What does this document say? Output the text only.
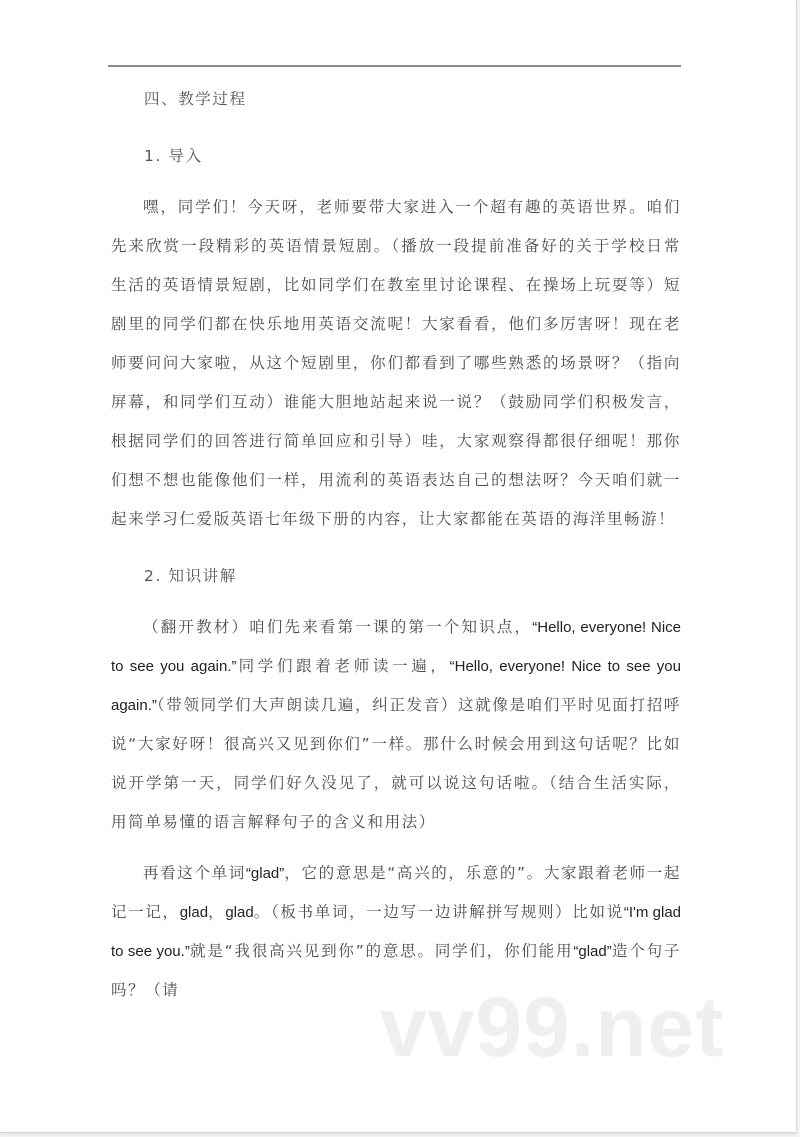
vv99.net
四、教学过程
1. 导入

嘿，同学们！今天呀，老师要带大家进入一个超有趣的英语世界。咱们先来欣赏一段精彩的英语情景短剧。（播放一段提前准备好的关于学校日常生活的英语情景短剧，比如同学们在教室里讨论课程、在操场上玩耍等）短剧里的同学们都在快乐地用英语交流呢！大家看看，他们多厉害呀！现在老师要问问大家啦，从这个短剧里，你们都看到了哪些熟悉的场景呀？（指向屏幕，和同学们互动）谁能大胆地站起来说一说？（鼓励同学们积极发言，根据同学们的回答进行简单回应和引导）哇，大家观察得都很仔细呢！那你们想不想也能像他们一样，用流利的英语表达自己的想法呀？今天咱们就一起来学习仁爱版英语七年级下册的内容，让大家都能在英语的海洋里畅游！

2. 知识讲解

（翻开教材）咱们先来看第一课的第一个知识点，“Hello, everyone! Nice to see you again.”同学们跟着老师读一遍，“Hello, everyone! Nice to see you again.”（带领同学们大声朗读几遍，纠正发音）这就像是咱们平时见面打招呼说“大家好呀！很高兴又见到你们”一样。那什么时候会用到这句话呢？比如说开学第一天，同学们好久没见了，就可以说这句话啦。（结合生活实际，用简单易懂的语言解释句子的含义和用法）

再看这个单词“glad”，它的意思是“高兴的，乐意的”。大家跟着老师一起记一记，glad，glad。（板书单词，一边写一边讲解拼写规则）比如说“I'm glad to see you.”就是“我很高兴见到你”的意思。同学们，你们能用“glad”造个句子吗？（请
